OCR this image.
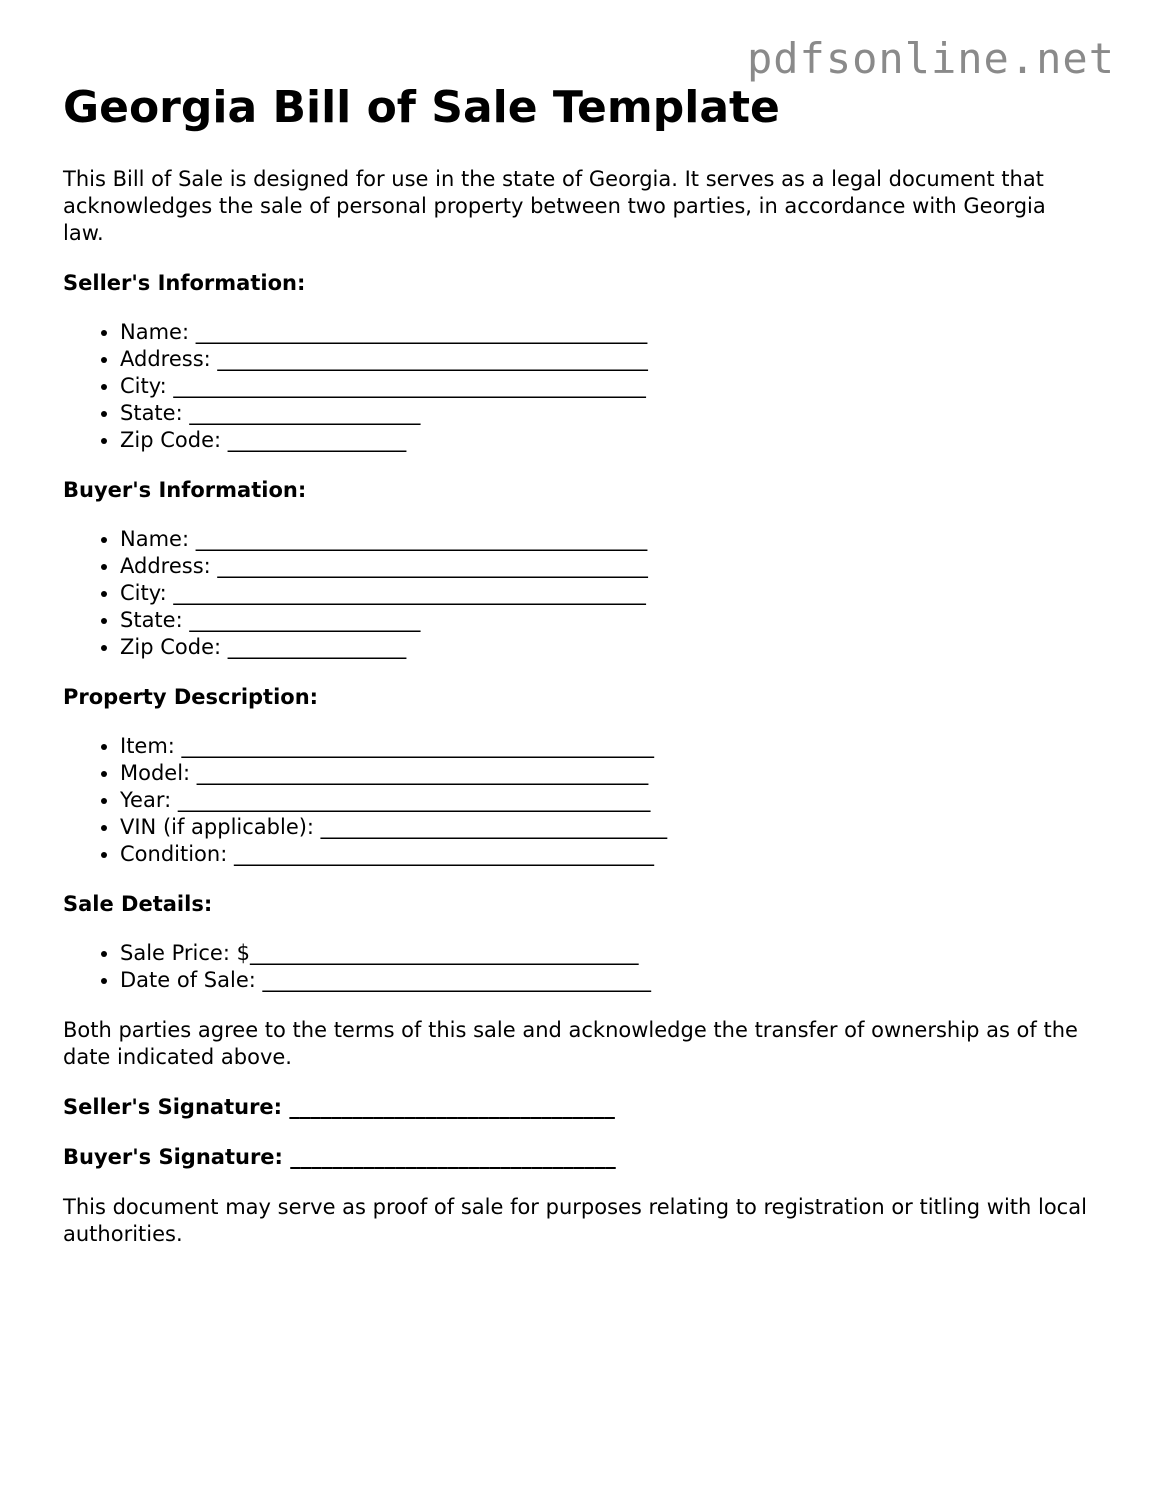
pdfsonline.net
Georgia Bill of Sale Template

This Bill of Sale is designed for use in the state of Georgia. It serves as a legal document that acknowledges the sale of personal property between two parties, in accordance with Georgia law.

Seller's Information:
• Name: ___________________________________________
• Address: _________________________________________
• City: _____________________________________________
• State: ______________________
• Zip Code: _________________
Buyer's Information:
• Name: ___________________________________________
• Address: _________________________________________
• City: _____________________________________________
• State: ______________________
• Zip Code: _________________
Property Description:
• Item: _____________________________________________
• Model: ___________________________________________
• Year: _____________________________________________
• VIN (if applicable): _________________________________
• Condition: ________________________________________
Sale Details:
• Sale Price: $_____________________________________
• Date of Sale: _____________________________________

Both parties agree to the terms of this sale and acknowledge the transfer of ownership as of the date indicated above.

Seller's Signature: _______________________________
Buyer's Signature: _______________________________

This document may serve as proof of sale for purposes relating to registration or titling with local authorities.
